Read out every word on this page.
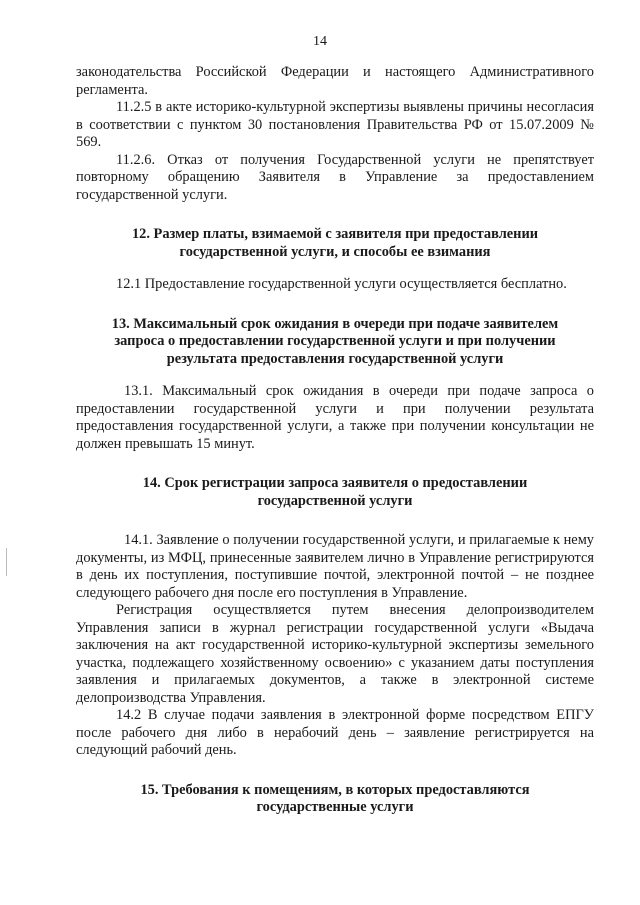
14

законодательства Российской Федерации и настоящего Административного регламента.

11.2.5 в акте историко-культурной экспертизы выявлены причины несогласия в соответствии с пунктом 30 постановления Правительства РФ от 15.07.2009 № 569.

11.2.6. Отказ от получения Государственной услуги не препятствует повторному обращению Заявителя в Управление за предоставлением государственной услуги.

12. Размер платы, взимаемой с заявителя при предоставлении государственной услуги, и способы ее взимания

12.1 Предоставление государственной услуги осуществляется бесплатно.

13. Максимальный срок ожидания в очереди при подаче заявителем запроса о предоставлении государственной услуги и при получении результата предоставления государственной услуги

13.1. Максимальный срок ожидания в очереди при подаче запроса о предоставлении государственной услуги и при получении результата предоставления государственной услуги, а также при получении консультации не должен превышать 15 минут.

14. Срок регистрации запроса заявителя о предоставлении государственной услуги

14.1. Заявление о получении государственной услуги, и прилагаемые к нему документы, из МФЦ, принесенные заявителем лично в Управление регистрируются в день их поступления, поступившие почтой, электронной почтой – не позднее следующего рабочего дня после его поступления в Управление.

Регистрация осуществляется путем внесения делопроизводителем Управления записи в журнал регистрации государственной услуги «Выдача заключения на акт государственной историко-культурной экспертизы земельного участка, подлежащего хозяйственному освоению» с указанием даты поступления заявления и прилагаемых документов, а также в электронной системе делопроизводства Управления.

14.2 В случае подачи заявления в электронной форме посредством ЕПГУ после рабочего дня либо в нерабочий день – заявление регистрируется на следующий рабочий день.

15. Требования к помещениям, в которых предоставляются государственные услуги
